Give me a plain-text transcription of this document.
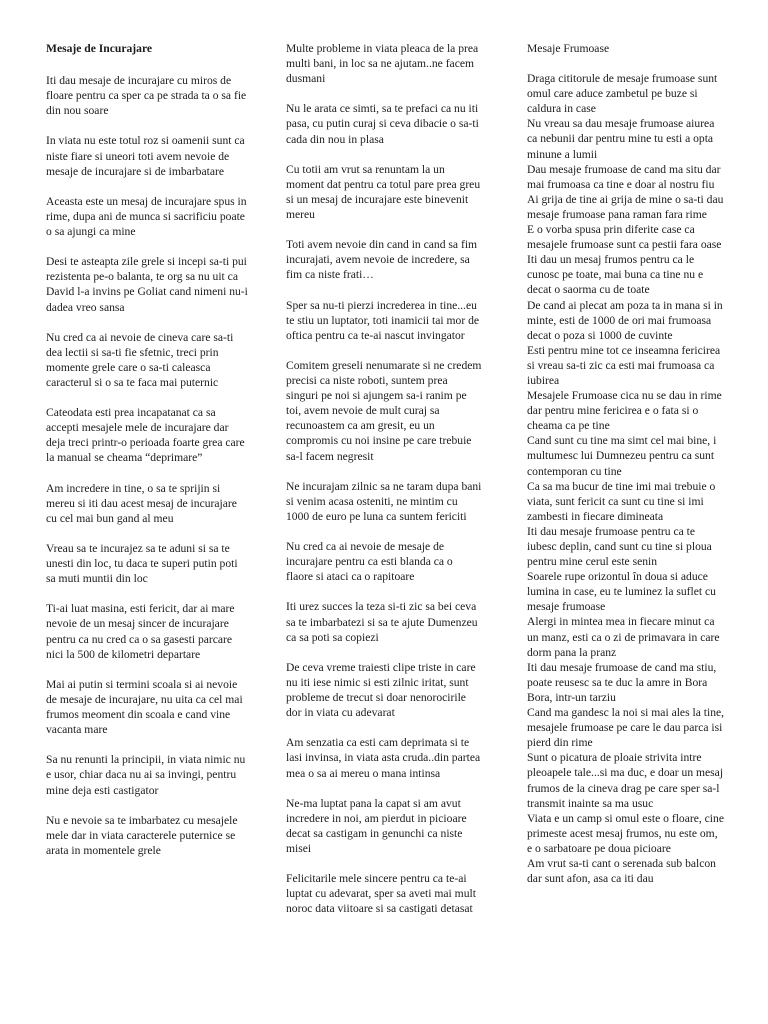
Mesaje de Incurajare

Iti dau mesaje de incurajare cu miros de floare pentru ca sper ca pe strada ta o sa fie din nou soare

In viata nu este totul roz si oamenii sunt ca niste fiare si uneori toti avem nevoie de mesaje de incurajare si de imbarbatare

Aceasta este un mesaj de incurajare spus in rime, dupa ani de munca si sacrificiu poate o sa ajungi ca mine

Desi te asteapta zile grele si incepi sa-ti pui rezistenta pe-o balanta, te org sa nu uit ca David l-a invins pe Goliat cand nimeni nu-i dadea vreo sansa

Nu cred ca ai nevoie de cineva care sa-ti dea lectii si sa-ti fie sfetnic, treci prin momente grele care o sa-ti caleasca caracterul si o sa te faca mai puternic

Cateodata esti prea incapatanat ca sa accepti mesajele mele de incurajare dar deja treci printr-o perioada foarte grea care la manual se cheama “deprimare”

Am incredere in tine, o sa te sprijin si mereu si iti dau acest mesaj de incurajare cu cel mai bun gand al meu

Vreau sa te incurajez sa te aduni si sa te unesti din loc, tu daca te superi putin poti sa muti muntii din loc

Ti-ai luat masina, esti fericit, dar ai mare nevoie de un mesaj sincer de incurajare pentru ca nu cred ca o sa gasesti parcare nici la 500 de kilometri departare

Mai ai putin si termini scoala si ai nevoie de mesaje de incurajare, nu uita ca cel mai frumos meoment din scoala e cand vine vacanta mare

Sa nu renunti la principii, in viata nimic nu e usor, chiar daca nu ai sa invingi, pentru mine deja esti castigator

Nu e nevoie sa te imbarbatez cu mesajele mele dar in viata caracterele puternice se arata in momentele grele

Multe probleme in viata pleaca de la prea multi bani, in loc sa ne ajutam..ne facem dusmani

Nu le arata ce simti, sa te prefaci ca nu iti pasa, cu putin curaj si ceva dibacie o sa-ti cada din nou in plasa

Cu totii am vrut sa renuntam la un moment dat pentru ca totul pare prea greu si un mesaj de incurajare este binevenit mereu

Toti avem nevoie din cand in cand sa fim incurajati, avem nevoie de incredere, sa fim ca niste frati…

Sper sa nu-ti pierzi increderea in tine...eu te stiu un luptator, toti inamicii tai mor de oftica pentru ca te-ai nascut invingator

Comitem greseli nenumarate si ne credem precisi ca niste roboti, suntem prea singuri pe noi si ajungem sa-i ranim pe toi, avem nevoie de mult curaj sa recunoastem ca am gresit, eu un compromis cu noi insine pe care trebuie sa-l facem negresit

Ne incurajam zilnic sa ne taram dupa bani si venim acasa osteniti, ne mintim cu 1000 de euro pe luna ca suntem fericiti

Nu cred ca ai nevoie de mesaje de incurajare pentru ca esti blanda ca o flaore si ataci ca o rapitoare

Iti urez succes la teza si-ti zic sa bei ceva sa te imbarbatezi si sa te ajute Dumenzeu ca sa poti sa copiezi

De ceva vreme traiesti clipe triste in care nu iti iese nimic si esti zilnic iritat, sunt probleme de trecut si doar nenorocirile dor in viata cu adevarat

Am senzatia ca esti cam deprimata si te lasi invinsa, in viata asta cruda..din partea mea o sa ai mereu o mana intinsa

Ne-ma luptat pana la capat si am avut incredere in noi, am pierdut in picioare decat sa castigam in genunchi ca niste misei

Felicitarile mele sincere pentru ca te-ai luptat cu adevarat, sper sa aveti mai mult noroc data viitoare si sa castigati detasat

Mesaje Frumoase

Draga cititorule de mesaje frumoase sunt omul care aduce zambetul pe buze si caldura in case

Nu vreau sa dau mesaje frumoase aiurea ca nebunii dar pentru mine tu esti a opta minune a lumii

Dau mesaje frumoase de cand ma situ dar mai frumoasa ca tine e doar al nostru fiu

Ai grija de tine ai grija de mine o sa-ti dau mesaje frumoase pana raman fara rime

E o vorba spusa prin diferite case ca mesajele frumoase sunt ca pestii fara oase

Iti dau un mesaj frumos pentru ca le cunosc pe toate, mai buna ca tine nu e decat o saorma cu de toate

De cand ai plecat am poza ta in mana si in minte, esti de 1000 de ori mai frumoasa decat o poza si 1000 de cuvinte

Esti pentru mine tot ce inseamna fericirea si vreau sa-ti zic ca esti mai frumoasa ca iubirea

Mesajele Frumoase cica nu se dau in rime dar pentru mine fericirea e o fata si o cheama ca pe tine

Cand sunt cu tine ma simt cel mai bine, i multumesc lui Dumnezeu pentru ca sunt contemporan cu tine

Ca sa ma bucur de tine imi mai trebuie o viata, sunt fericit ca sunt cu tine si imi zambesti in fiecare dimineata

Iti dau mesaje frumoase pentru ca te iubesc deplin, cand sunt cu tine si ploua pentru mine cerul este senin

Soarele rupe orizontul în doua si aduce lumina in case, eu te luminez la suflet cu mesaje frumoase

Alergi in mintea mea in fiecare minut ca un manz, esti ca o zi de primavara in care dorm pana la pranz

Iti dau mesaje frumoase de cand ma stiu, poate reusesc sa te duc la amre in Bora Bora, intr-un tarziu

Cand ma gandesc la noi si mai ales la tine, mesajele frumoase pe care le dau parca isi pierd din rime

Sunt o picatura de ploaie strivita intre pleoapele tale...si ma duc, e doar un mesaj frumos de la cineva drag pe care sper sa-l transmit inainte sa ma usuc

Viata e un camp si omul este o floare, cine primeste acest mesaj frumos, nu este om, e o sarbatoare pe doua picioare

Am vrut sa-ti cant o serenada sub balcon dar sunt afon, asa ca iti dau
